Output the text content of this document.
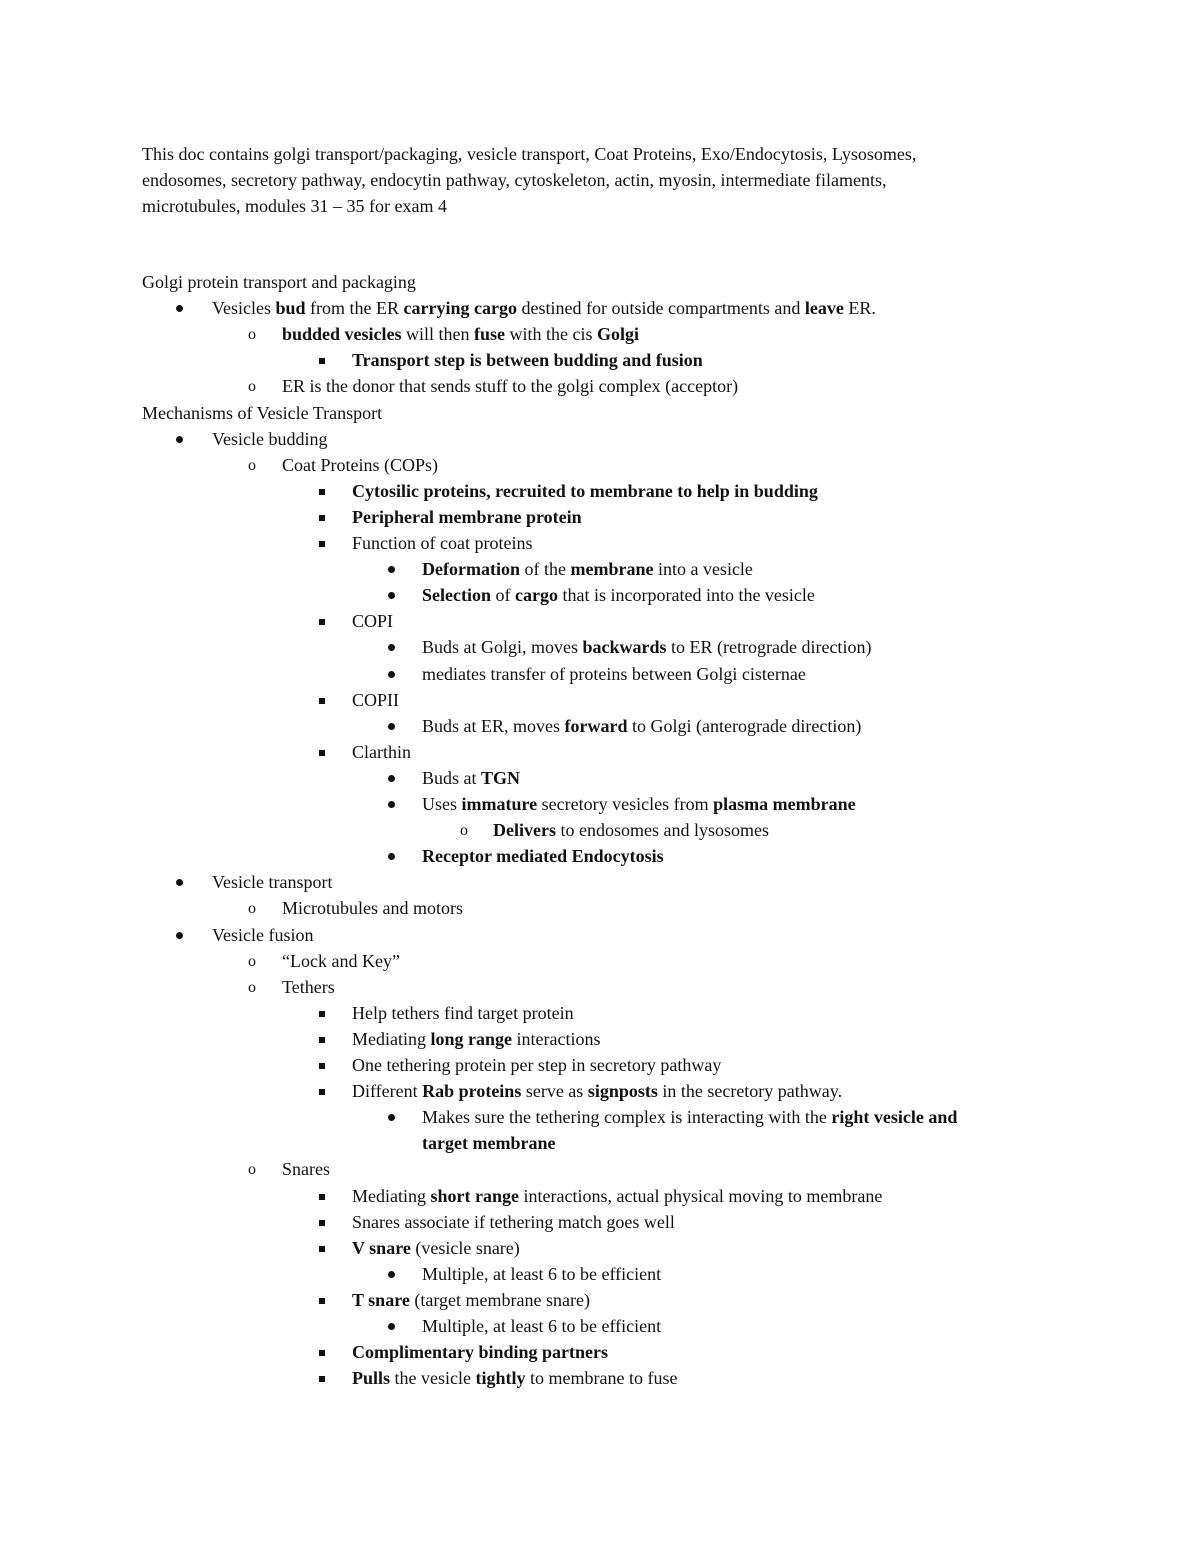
This doc contains golgi transport/packaging, vesicle transport, Coat Proteins, Exo/Endocytosis, Lysosomes,
endosomes, secretory pathway, endocytin pathway, cytoskeleton, actin, myosin, intermediate filaments,
microtubules, modules 31 – 35 for exam 4
Golgi protein transport and packaging
Vesicles bud from the ER carrying cargo destined for outside compartments and leave ER.
o budded vesicles will then fuse with the cis Golgi
Transport step is between budding and fusion
o ER is the donor that sends stuff to the golgi complex (acceptor)
Mechanisms of Vesicle Transport
Vesicle budding
o Coat Proteins (COPs)
Cytosilic proteins, recruited to membrane to help in budding
Peripheral membrane protein
Function of coat proteins
Deformation of the membrane into a vesicle
Selection of cargo that is incorporated into the vesicle
COPI
Buds at Golgi, moves backwards to ER (retrograde direction)
mediates transfer of proteins between Golgi cisternae
COPII
Buds at ER, moves forward to Golgi (anterograde direction)
Clarthin
Buds at TGN
Uses immature secretory vesicles from plasma membrane
o Delivers to endosomes and lysosomes
Receptor mediated Endocytosis
Vesicle transport
o Microtubules and motors
Vesicle fusion
o “Lock and Key”
o Tethers
Help tethers find target protein
Mediating long range interactions
One tethering protein per step in secretory pathway
Different Rab proteins serve as signposts in the secretory pathway.
Makes sure the tethering complex is interacting with the right vesicle and
target membrane
o Snares
Mediating short range interactions, actual physical moving to membrane
Snares associate if tethering match goes well
V snare (vesicle snare)
Multiple, at least 6 to be efficient
T snare (target membrane snare)
Multiple, at least 6 to be efficient
Complimentary binding partners
Pulls the vesicle tightly to membrane to fuse
